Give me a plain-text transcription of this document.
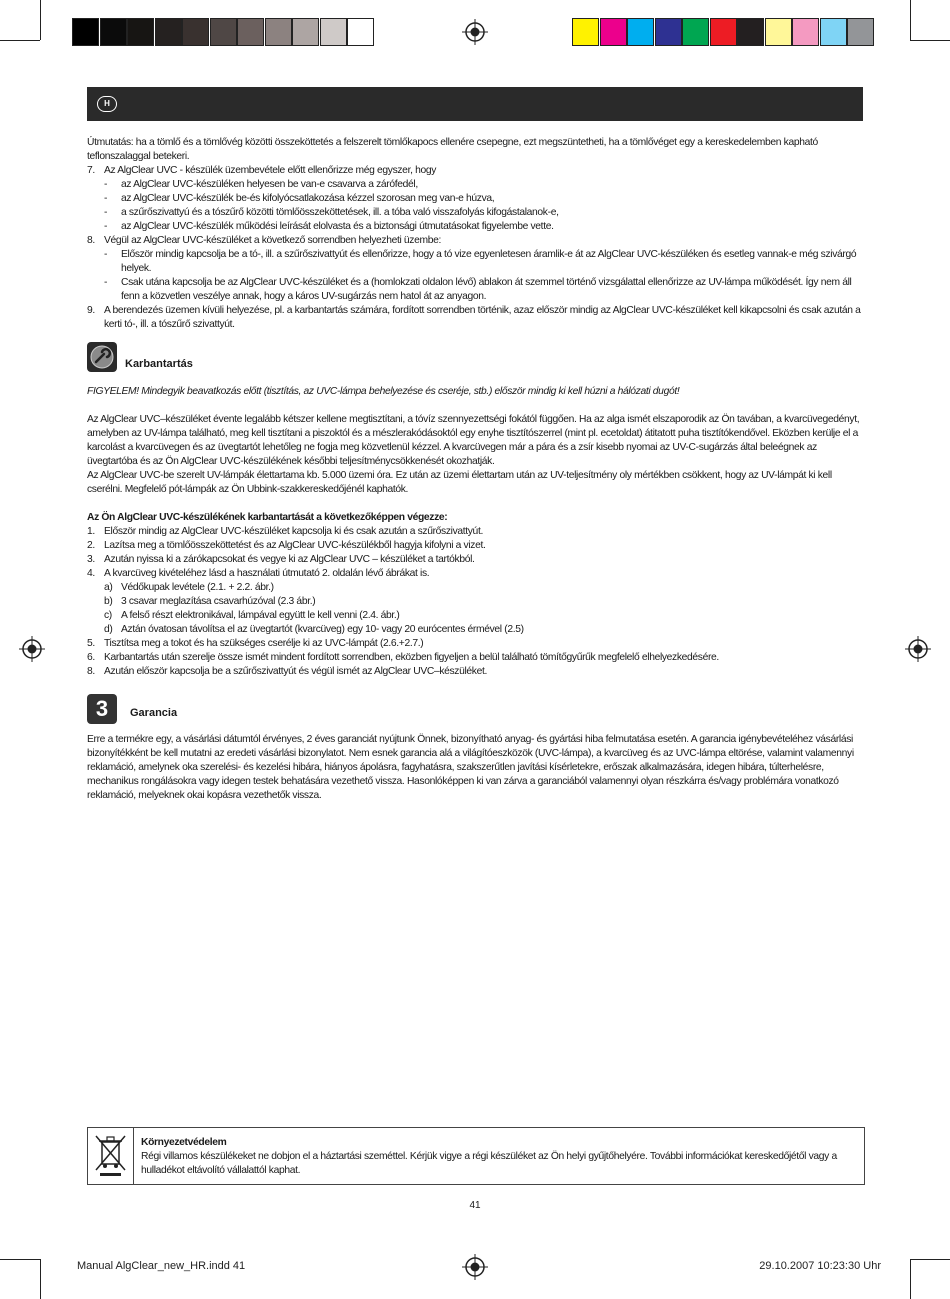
H

Útmutatás: ha a tömlő és a tömlővég közötti összeköttetés a felszerelt tömlőkapocs ellenére csepegne, ezt megszüntetheti, ha a tömlővéget egy a kereskedelemben kapható teflonszalaggal betekeri.

7. Az AlgClear UVC - készülék üzembevétele előtt ellenőrizze még egyszer, hogy
- az AlgClear UVC-készüléken helyesen be van-e csavarva a zárófedél,
- az AlgClear UVC-készülék be-és kifolyócsatlakozása kézzel szorosan meg van-e húzva,
- a szűrőszivattyú és a tószűrő közötti tömlőösszeköttetések, ill. a tóba való visszafolyás kifogástalanok-e,
- az AlgClear UVC-készülék működési leírását elolvasta és a biztonsági útmutatásokat figyelembe vette.
8. Végül az AlgClear UVC-készüléket a következő sorrendben helyezheti üzembe:
- Először mindig kapcsolja be a tó-, ill. a szűrőszivattyút és ellenőrizze, hogy a tó vize egyenletesen áramlik-e át az AlgClear UVC-készüléken és esetleg vannak-e még szivárgó helyek.
- Csak utána kapcsolja be az AlgClear UVC-készüléket és a (homlokzati oldalon lévő) ablakon át szemmel történő vizsgálattal ellenőrizze az UV-lámpa működését. Így nem áll fenn a közvetlen veszélye annak, hogy a káros UV-sugárzás nem hatol át az anyagon.
9. A berendezés üzemen kívüli helyezése, pl. a karbantartás számára, fordított sorrendben történik, azaz először mindig az AlgClear UVC-készüléket kell kikapcsolni és csak azután a kerti tó-, ill. a tószűrő szivattyút.
Karbantartás

FIGYELEM! Mindegyik beavatkozás előtt (tisztítás, az UVC-lámpa behelyezése és cseréje, stb.) először mindig ki kell húzni a hálózati dugót!

Az AlgClear UVC–készüléket évente legalább kétszer kellene megtisztítani, a tóvíz szennyezettségi fokától függően. Ha az alga ismét elszaporodik az Ön tavában, a kvarcüvegedényt, amelyben az UV-lámpa található, meg kell tisztítani a piszoktól és a mészlerakódásoktól egy enyhe tisztítószerrel (mint pl. ecetoldat) átitatott puha tisztítókendővel. Eközben kerülje el a karcolást a kvarcüvegen és az üvegtartót lehetőleg ne fogja meg közvetlenül kézzel. A kvarcüvegen már a pára és a zsír kisebb nyomai az UV-C-sugárzás által beleégnek az üvegtartóba és az Ön AlgClear UVC-készülékének későbbi teljesítménycsökkenését okozhatják.

Az AlgClear UVC-be szerelt UV-lámpák élettartama kb. 5.000 üzemi óra. Ez után az üzemi élettartam után az UV-teljesítmény oly mértékben csökkent, hogy az UV-lámpát ki kell cserélni. Megfelelő pót-lámpák az Ön Ubbink-szakkereskedőjénél kaphatók.

Az Ön AlgClear UVC-készülékének karbantartását a következőképpen végezze:

1. Először mindig az AlgClear UVC-készüléket kapcsolja ki és csak azután a szűrőszivattyút.
2. Lazítsa meg a tömlőösszeköttetést és az AlgClear UVC-készülékből hagyja kifolyni a vizet.
3. Azután nyissa ki a zárókapcsokat és vegye ki az AlgClear UVC – készüléket a tartókból.
4. A kvarcüveg kivételéhez lásd a használati útmutató 2. oldalán lévő ábrákat is.
a) Védőkupak levétele (2.1. + 2.2. ábr.)
b) 3 csavar meglazítása csavarhúzóval (2.3 ábr.)
c) A felső részt elektronikával, lámpával együtt le kell venni (2.4. ábr.)
d) Aztán óvatosan távolítsa el az üvegtartót (kvarcüveg) egy 10- vagy 20 eurócentes érmével (2.5)
5. Tisztítsa meg a tokot és ha szükséges cserélje ki az UVC-lámpát (2.6.+2.7.)
6. Karbantartás után szerelje össze ismét mindent fordított sorrendben, eközben figyeljen a belül található tömítőgyűrűk megfelelő elhelyezkedésére.
8. Azután először kapcsolja be a szűrőszivattyút és végül ismét az AlgClear UVC–készüléket.
3	Garancia

Erre a termékre egy, a vásárlási dátumtól érvényes, 2 éves garanciát nyújtunk Önnek, bizonyítható anyag- és gyártási hiba felmutatása esetén. A garancia igénybevételéhez vásárlási bizonyítékként be kell mutatni az eredeti vásárlási bizonylatot. Nem esnek garancia alá a világítóeszközök (UVC-lámpa), a kvarcüveg és az UVC-lámpa eltörése, valamint valamennyi reklamáció, amelynek oka szerelési- és kezelési hibára, hiányos ápolásra, fagyhatásra, szakszerűtlen javítási kísérletekre, erőszak alkalmazására, idegen hibára, túlterhelésre, mechanikus rongálásokra vagy idegen testek behatására vezethető vissza. Hasonlóképpen ki van zárva a garanciából valamennyi olyan részkárra és/vagy problémára vonatkozó reklamáció, melyeknek okai kopásra vezethetők vissza.

Környezetvédelem

Régi villamos készülékeket ne dobjon el a háztartási szeméttel. Kérjük vigye a régi készüléket az Ön helyi gyűjtőhelyére. További információkat kereskedőjétől vagy a hulladékot eltávolító vállalattól kaphat.

41
Manual AlgClear_new_HR.indd 41	29.10.2007 10:23:30 Uhr
